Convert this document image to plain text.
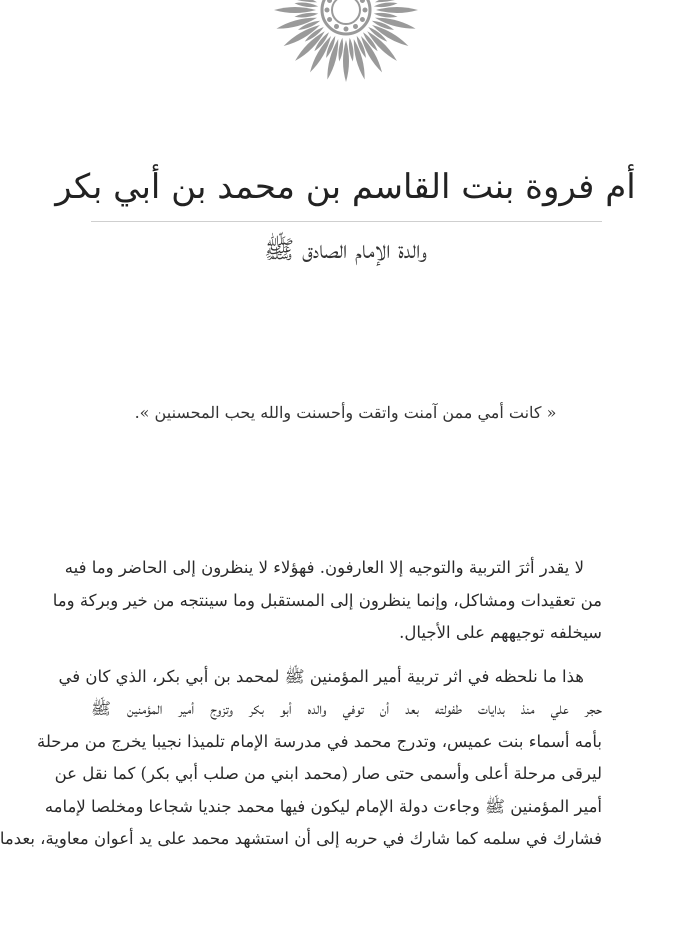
أم فروة بنت القاسم بن محمد بن أبي بكر
والدة الإمام الصادق ﷺ
« كانت أمي ممن آمنت واتقت وأحسنت والله يحب المحسنين ».
لا يقدر أثرَ التربية والتوجيه إلا العارفون. فهؤلاء لا ينظرون إلى الحاضر وما فيه
من تعقيدات ومشاكل، وإنما ينظرون إلى المستقبل وما سينتجه من خير وبركة وما
سيخلفه توجيههم على الأجيال.
هذا ما نلحظه في اثر تربية أمير المؤمنين ﷺ لمحمد بن أبي بكر، الذي كان في
حجر علي منذ بدايات طفولته بعد أن توفي والده أبو بكر وتزوج أمير المؤمنين ﷺ
بأمه أسماء بنت عميس، وتدرج محمد في مدرسة الإمام تلميذا نجيبا يخرج من مرحلة
ليرقى مرحلة أعلى وأسمى حتى صار (محمد ابني من صلب أبي بكر) كما نقل عن
أمير المؤمنين ﷺ وجاءت دولة الإمام ليكون فيها محمد جنديا شجاعا ومخلصا لإمامه
فشارك في سلمه كما شارك في حربه إلى أن استشهد محمد على يد أعوان معاوية، بعدما
